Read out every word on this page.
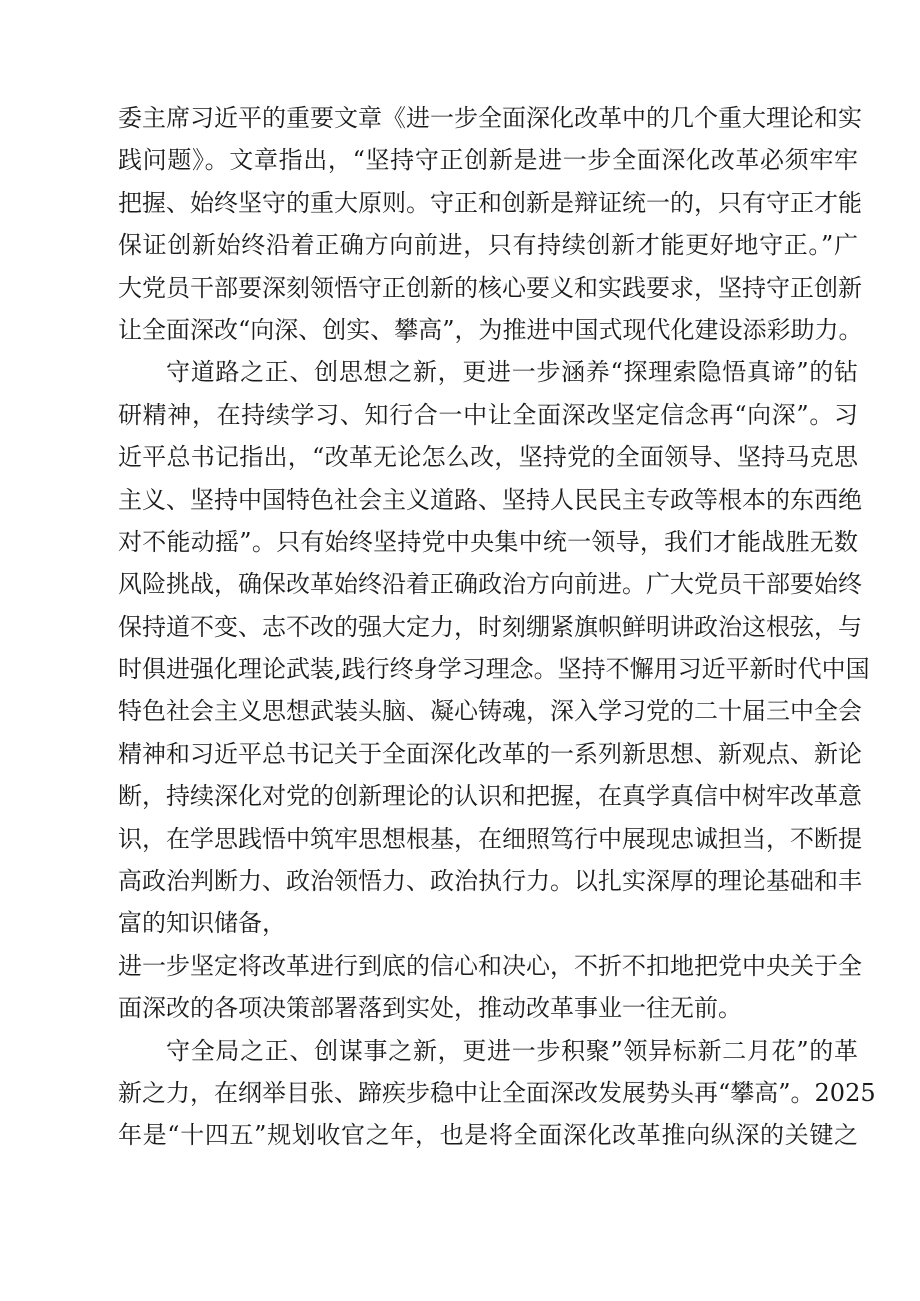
委主席习近平的重要文章《进一步全面深化改革中的几个重大理论和实
践问题》。文章指出，“坚持守正创新是进一步全面深化改革必须牢牢
把握、始终坚守的重大原则。守正和创新是辩证统一的，只有守正才能
保证创新始终沿着正确方向前进，只有持续创新才能更好地守正。”广
大党员干部要深刻领悟守正创新的核心要义和实践要求，坚持守正创新
让全面深改“向深、创实、攀高”，为推进中国式现代化建设添彩助力。
守道路之正、创思想之新，更进一步涵养“探理索隐悟真谛”的钻
研精神，在持续学习、知行合一中让全面深改坚定信念再“向深”。习
近平总书记指出，“改革无论怎么改，坚持党的全面领导、坚持马克思
主义、坚持中国特色社会主义道路、坚持人民民主专政等根本的东西绝
对不能动摇”。只有始终坚持党中央集中统一领导，我们才能战胜无数
风险挑战，确保改革始终沿着正确政治方向前进。广大党员干部要始终
保持道不变、志不改的强大定力，时刻绷紧旗帜鲜明讲政治这根弦，与
时俱进强化理论武装,践行终身学习理念。坚持不懈用习近平新时代中国
特色社会主义思想武装头脑、凝心铸魂，深入学习党的二十届三中全会
精神和习近平总书记关于全面深化改革的一系列新思想、新观点、新论
断，持续深化对党的创新理论的认识和把握，在真学真信中树牢改革意
识，在学思践悟中筑牢思想根基，在细照笃行中展现忠诚担当，不断提
高政治判断力、政治领悟力、政治执行力。以扎实深厚的理论基础和丰
富的知识储备，
进一步坚定将改革进行到底的信心和决心，不折不扣地把党中央关于全
面深改的各项决策部署落到实处，推动改革事业一往无前。
守全局之正、创谋事之新，更进一步积聚”领异标新二月花”的革
新之力，在纲举目张、蹄疾步稳中让全面深改发展势头再“攀高”。2025
年是“十四五”规划收官之年，也是将全面深化改革推向纵深的关键之
